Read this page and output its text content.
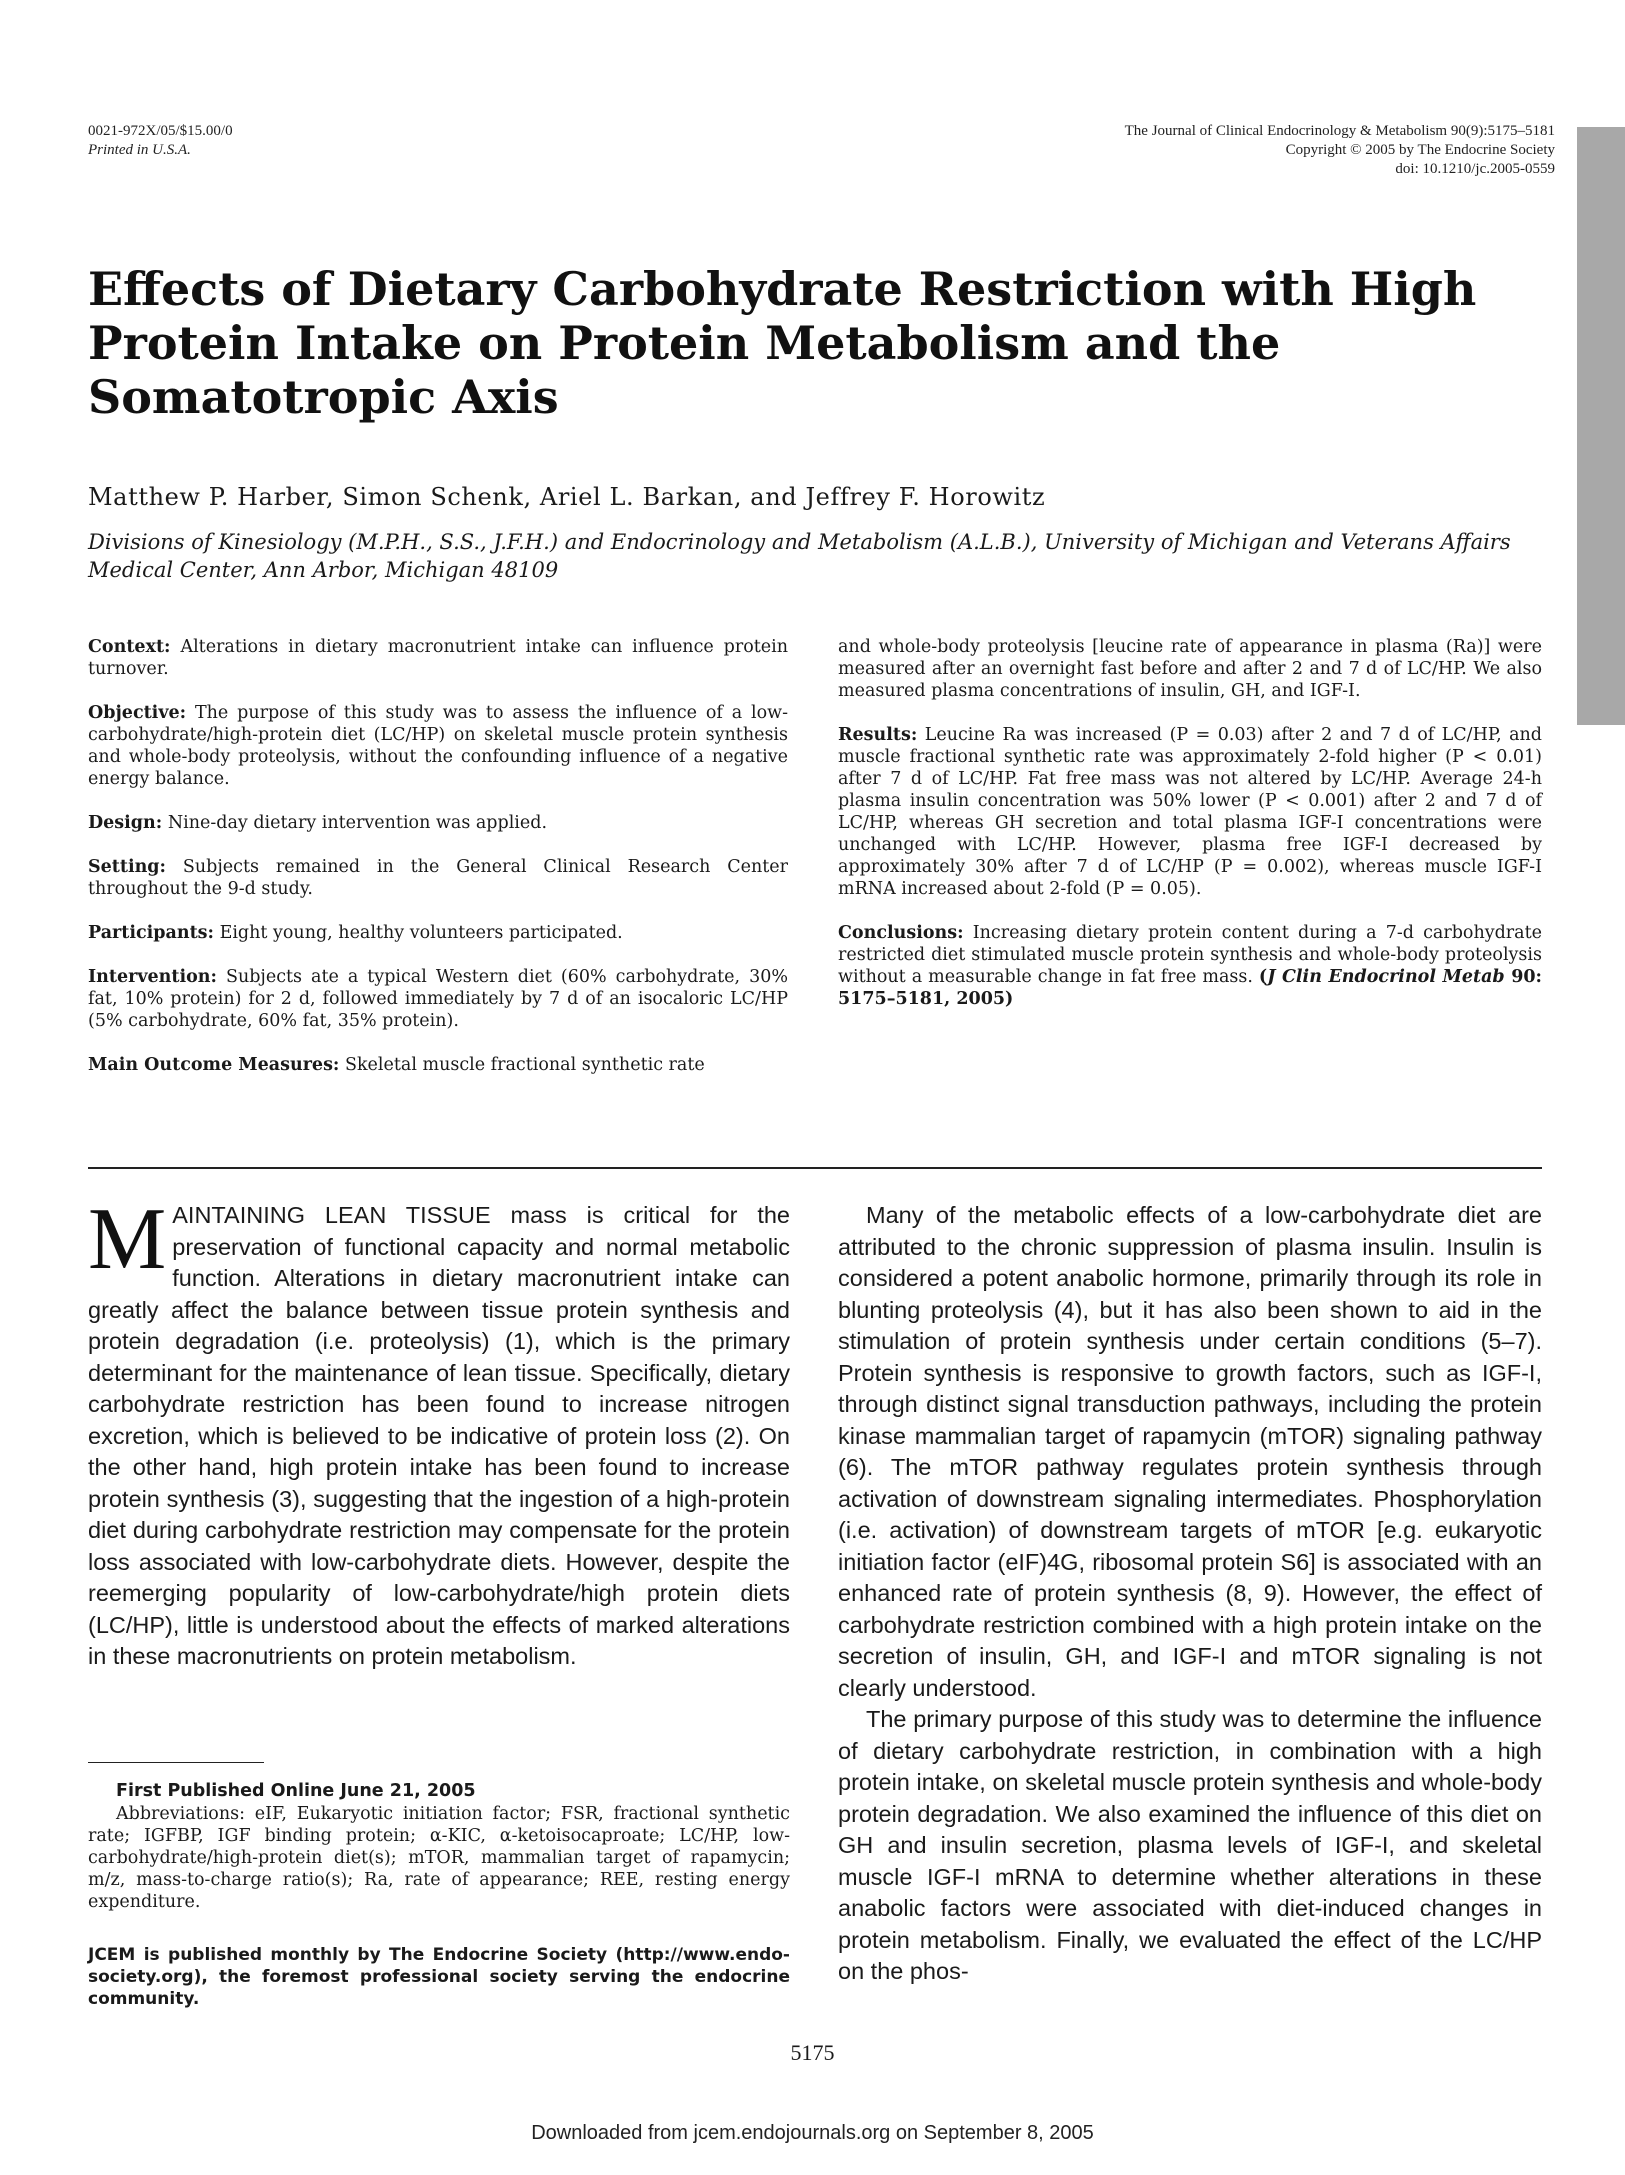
0021-972X/05/$15.00/0
Printed in U.S.A.
The Journal of Clinical Endocrinology & Metabolism 90(9):5175–5181
Copyright © 2005 by The Endocrine Society
doi: 10.1210/jc.2005-0559
Effects of Dietary Carbohydrate Restriction with High Protein Intake on Protein Metabolism and the Somatotropic Axis

Matthew P. Harber, Simon Schenk, Ariel L. Barkan, and Jeffrey F. Horowitz

Divisions of Kinesiology (M.P.H., S.S., J.F.H.) and Endocrinology and Metabolism (A.L.B.), University of Michigan and Veterans Affairs Medical Center, Ann Arbor, Michigan 48109

Context: Alterations in dietary macronutrient intake can influence protein turnover.

Objective: The purpose of this study was to assess the influence of a low-carbohydrate/high-protein diet (LC/HP) on skeletal muscle protein synthesis and whole-body proteolysis, without the confounding influence of a negative energy balance.

Design: Nine-day dietary intervention was applied.

Setting: Subjects remained in the General Clinical Research Center throughout the 9-d study.

Participants: Eight young, healthy volunteers participated.

Intervention: Subjects ate a typical Western diet (60% carbohydrate, 30% fat, 10% protein) for 2 d, followed immediately by 7 d of an isocaloric LC/HP (5% carbohydrate, 60% fat, 35% protein).

Main Outcome Measures: Skeletal muscle fractional synthetic rate

and whole-body proteolysis [leucine rate of appearance in plasma (Ra)] were measured after an overnight fast before and after 2 and 7 d of LC/HP. We also measured plasma concentrations of insulin, GH, and IGF-I.

Results: Leucine Ra was increased (P = 0.03) after 2 and 7 d of LC/HP, and muscle fractional synthetic rate was approximately 2-fold higher (P < 0.01) after 7 d of LC/HP. Fat free mass was not altered by LC/HP. Average 24-h plasma insulin concentration was 50% lower (P < 0.001) after 2 and 7 d of LC/HP, whereas GH secretion and total plasma IGF-I concentrations were unchanged with LC/HP. However, plasma free IGF-I decreased by approximately 30% after 7 d of LC/HP (P = 0.002), whereas muscle IGF-I mRNA increased about 2-fold (P = 0.05).

Conclusions: Increasing dietary protein content during a 7-d carbohydrate restricted diet stimulated muscle protein synthesis and whole-body proteolysis without a measurable change in fat free mass. (J Clin Endocrinol Metab 90: 5175–5181, 2005)

MAINTAINING LEAN TISSUE mass is critical for the preservation of functional capacity and normal metabolic function. Alterations in dietary macronutrient intake can greatly affect the balance between tissue protein synthesis and protein degradation (i.e. proteolysis) (1), which is the primary determinant for the maintenance of lean tissue. Specifically, dietary carbohydrate restriction has been found to increase nitrogen excretion, which is believed to be indicative of protein loss (2). On the other hand, high protein intake has been found to increase protein synthesis (3), suggesting that the ingestion of a high-protein diet during carbohydrate restriction may compensate for the protein loss associated with low-carbohydrate diets. However, despite the reemerging popularity of low-carbohydrate/high protein diets (LC/HP), little is understood about the effects of marked alterations in these macronutrients on protein metabolism.

Many of the metabolic effects of a low-carbohydrate diet are attributed to the chronic suppression of plasma insulin. Insulin is considered a potent anabolic hormone, primarily through its role in blunting proteolysis (4), but it has also been shown to aid in the stimulation of protein synthesis under certain conditions (5–7). Protein synthesis is responsive to growth factors, such as IGF-I, through distinct signal transduction pathways, including the protein kinase mammalian target of rapamycin (mTOR) signaling pathway (6). The mTOR pathway regulates protein synthesis through activation of downstream signaling intermediates. Phosphorylation (i.e. activation) of downstream targets of mTOR [e.g. eukaryotic initiation factor (eIF)4G, ribosomal protein S6] is associated with an enhanced rate of protein synthesis (8, 9). However, the effect of carbohydrate restriction combined with a high protein intake on the secretion of insulin, GH, and IGF-I and mTOR signaling is not clearly understood.

The primary purpose of this study was to determine the influence of dietary carbohydrate restriction, in combination with a high protein intake, on skeletal muscle protein synthesis and whole-body protein degradation. We also examined the influence of this diet on GH and insulin secretion, plasma levels of IGF-I, and skeletal muscle IGF-I mRNA to determine whether alterations in these anabolic factors were associated with diet-induced changes in protein metabolism. Finally, we evaluated the effect of the LC/HP on the phos-

First Published Online June 21, 2005
Abbreviations: eIF, Eukaryotic initiation factor; FSR, fractional synthetic rate; IGFBP, IGF binding protein; α-KIC, α-ketoisocaproate; LC/HP, low-carbohydrate/high-protein diet(s); mTOR, mammalian target of rapamycin; m/z, mass-to-charge ratio(s); Ra, rate of appearance; REE, resting energy expenditure.
JCEM is published monthly by The Endocrine Society (http://www.endo-society.org), the foremost professional society serving the endocrine community.
5175
Downloaded from jcem.endojournals.org on September 8, 2005
